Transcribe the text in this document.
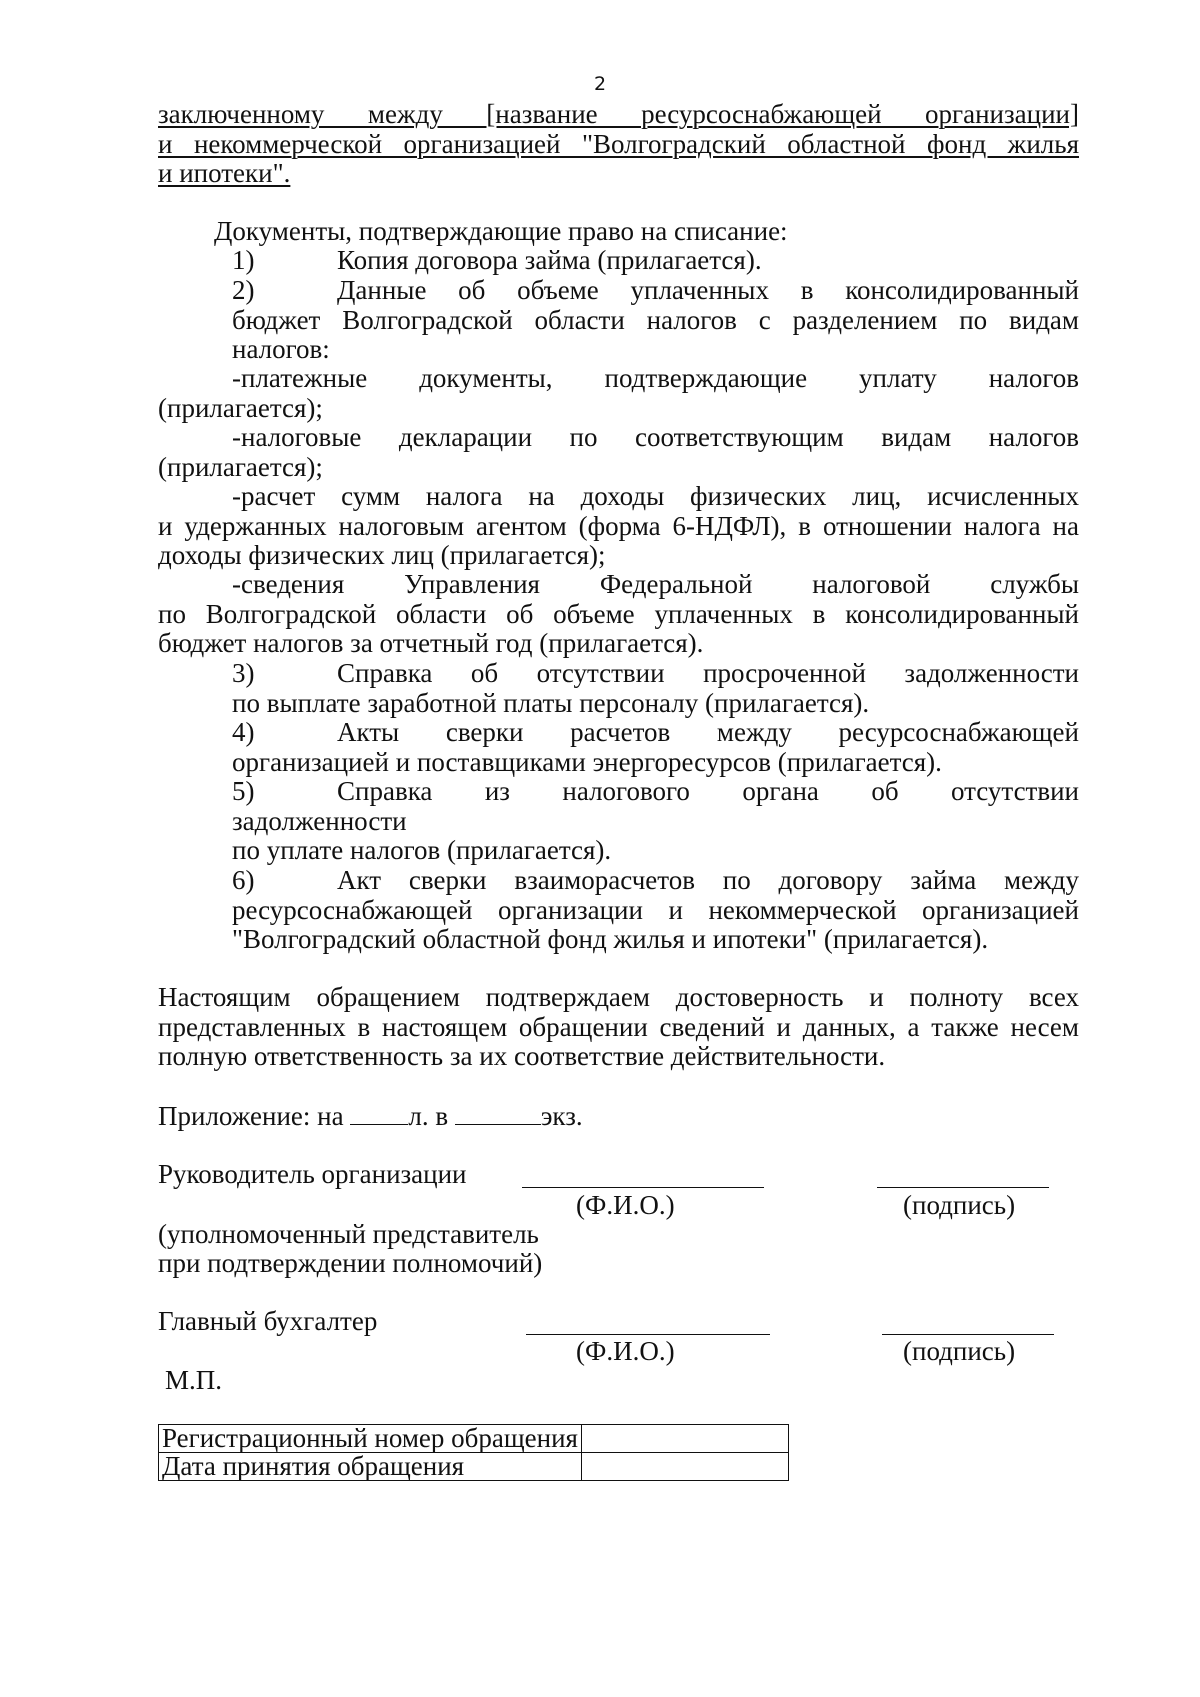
2
заключенному между [название ресурсоснабжающей организации]
и некоммерческой организацией "Волгоградский областной фонд жилья
и ипотеки".
Документы, подтверждающие право на списание:
1)	Копия договора займа (прилагается).
2)	Данные об объеме уплаченных в консолидированный
бюджет Волгоградской области налогов с разделением по видам
налогов:
-платежные документы, подтверждающие уплату налогов
(прилагается);
-налоговые декларации по соответствующим видам налогов
(прилагается);
-расчет сумм налога на доходы физических лиц, исчисленных
и удержанных налоговым агентом (форма 6-НДФЛ), в отношении налога на
доходы физических лиц (прилагается);
-сведения Управления Федеральной налоговой службы
по Волгоградской области об объеме уплаченных в консолидированный
бюджет налогов за отчетный год (прилагается).
3)	Справка об отсутствии просроченной задолженности
по выплате заработной платы персоналу (прилагается).
4)	Акты сверки расчетов между ресурсоснабжающей
организацией и поставщиками энергоресурсов (прилагается).
5)	Справка из налогового органа об отсутствии
задолженности
по уплате налогов (прилагается).
6)	Акт сверки взаиморасчетов по договору займа между
ресурсоснабжающей организации и некоммерческой организацией
"Волгоградский областной фонд жилья и ипотеки" (прилагается).
Настоящим обращением подтверждаем достоверность и полноту всех
представленных в настоящем обращении сведений и данных, а также несем
полную ответственность за их соответствие действительности.
Приложение: на л. в	экз.
Руководитель организации
(Ф.И.О.)	(подпись)
(уполномоченный представитель
при подтверждении полномочий)
Главный бухгалтер
(Ф.И.О.)	(подпись)
М.П.
Регистрационный номер обращения	
Дата принятия обращения	
